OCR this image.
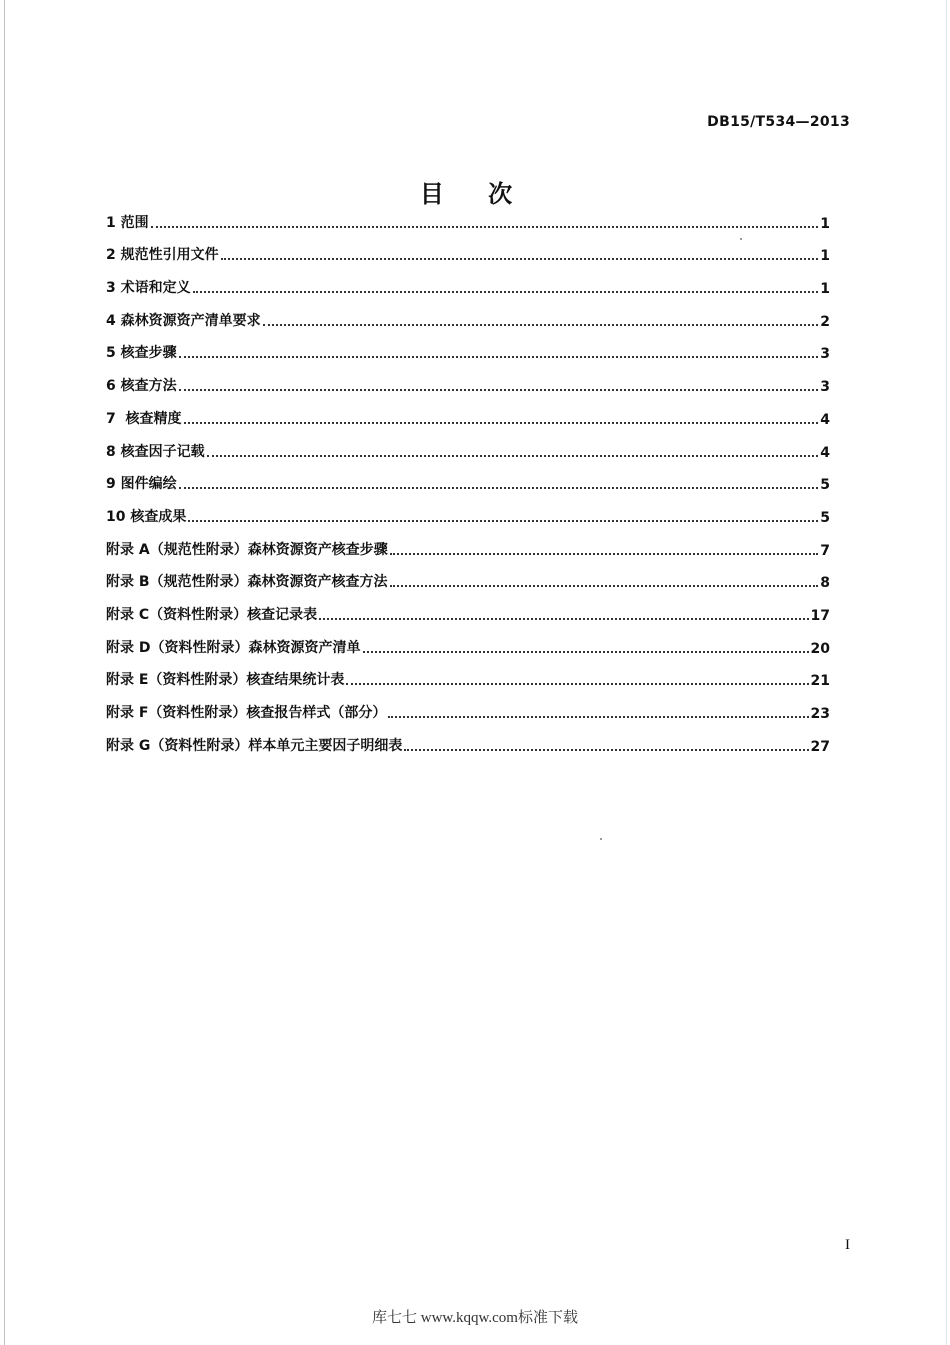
DB15/T534—2013
目 次
1 范围	1
2 规范性引用文件	1
3 术语和定义	1
4 森林资源资产清单要求	2
5 核查步骤	3
6 核查方法	3
7  核查精度	4
8 核查因子记载	4
9 图件编绘	5
10 核查成果	5
附录 A（规范性附录）森林资源资产核查步骤	7
附录 B（规范性附录）森林资源资产核查方法	8
附录 C（资料性附录）核查记录表	17
附录 D（资料性附录）森林资源资产清单	20
附录 E（资料性附录）核查结果统计表	21
附录 F（资料性附录）核查报告样式（部分）	23
附录 G（资料性附录）样本单元主要因子明细表	27
I
库七七 www.kqqw.com标准下载
